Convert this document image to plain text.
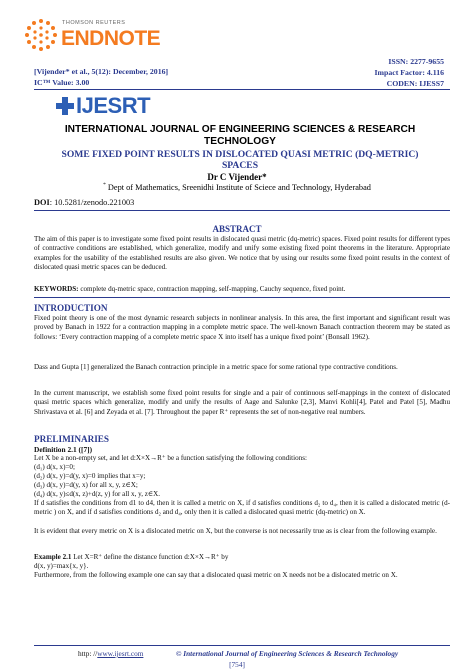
THOMSON REUTERS
ENDNOTE
[Vijender* et al., 5(12): December, 2016]
IC™ Value: 3.00
ISSN: 2277-9655
Impact Factor: 4.116
CODEN: IJESS7
IJESRT
INTERNATIONAL JOURNAL OF ENGINEERING SCIENCES & RESEARCH
TECHNOLOGY
SOME FIXED POINT RESULTS IN DISLOCATED QUASI METRIC (DQ-METRIC)
SPACES
Dr C Vijender*
* Dept of Mathematics, Sreenidhi Institute of Sciece and Technology, Hyderabad
DOI: 10.5281/zenodo.221003
ABSTRACT
The aim of this paper is to investigate some fixed point results in dislocated quasi metric (dq-metric) spaces. Fixed point results for different types of contractive conditions are established, which generalize, modify and unify some existing fixed point theorems in the literature. Appropriate examples for the usability of the established results are also given. We notice that by using our results some fixed point results in the context of dislocated quasi metric spaces can be deduced.
KEYWORDS: complete dq-metric space, contraction mapping, self-mapping, Cauchy sequence, fixed point.
INTRODUCTION
Fixed point theory is one of the most dynamic research subjects in nonlinear analysis. In this area, the first important and significant result was proved by Banach in 1922 for a contraction mapping in a complete metric space. The well-known Banach contraction theorem may be stated as follows: ‘Every contraction mapping of a complete metric space X into itself has a unique fixed point’ (Bonsall 1962).
Dass and Gupta [1] generalized the Banach contraction principle in a metric space for some rational type contractive conditions.
In the current manuscript, we establish some fixed point results for single and a pair of continuous self-mappings in the context of dislocated quasi metric spaces which generalize, modify and unify the results of Aage and Salunke [2,3], Manvi Kohli[4], Patel and Patel [5], Madhu Shrivastava et al. [6] and Zeyada et al. [7]. Throughout the paper R⁺ represents the set of non-negative real numbers.
PRELIMINARIES
Definition 2.1 ([7])
Let X be a non-empty set, and let d:X×X→R⁺ be a function satisfying the following conditions:
(d₁) d(x, x)=0;
(d₂) d(x, y)=d(y, x)=0 implies that x=y;
(d₃) d(x, y)=d(y, x) for all x, y, z∈X;
(d₄) d(x, y)≤d(x, z)+d(z, y) for all x, y, z∈X.
If d satisfies the conditions from d1 to d4, then it is called a metric on X, if d satisfies conditions d₂ to d₄, then it is called a dislocated metric (d-metric ) on X, and if d satisfies conditions d₂ and d₄, only then it is called a dislocated quasi metric (dq-metric) on X.
It is evident that every metric on X is a dislocated metric on X, but the converse is not necessarily true as is clear from the following example.
Example 2.1 Let X=R⁺ define the distance function d:X×X→R⁺ by
d(x, y)=max{x, y}.
Furthermore, from the following example one can say that a dislocated quasi metric on X needs not be a dislocated metric on X.
http: //www.ijesrt.com	© International Journal of Engineering Sciences & Research Technology
[754]
